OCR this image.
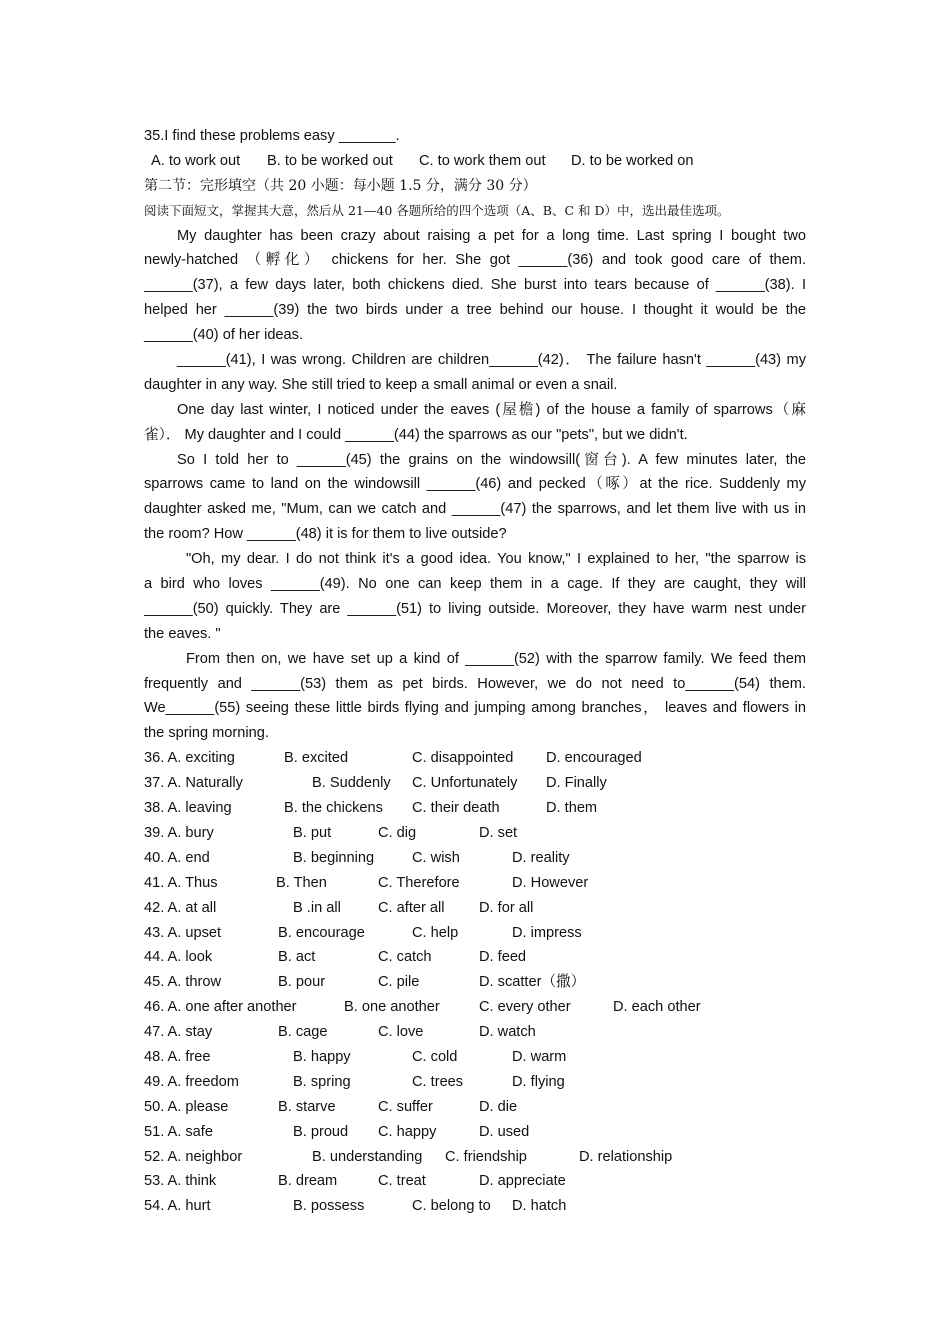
35.I find these problems easy _______.
A. to work out B. to be worked out C. to work them out D. to be worked on
第二节：完形填空（共 20 小题：每小题 1.5 分，满分 30 分）
阅读下面短文，掌握其大意，然后从 21—40 各题所给的四个选项（A、B、C 和 D）中，选出最佳选项。
My daughter has been crazy about raising a pet for a long time. Last spring I bought two
newly-hatched （孵化） chickens for her. She got ______(36) and took good care of them.
______(37), a few days later, both chickens died. She burst into tears because of ______(38). I
helped her ______(39) the two birds under a tree behind our house. I thought it would be the
______(40) of her ideas.
______(41), I was wrong. Children are children______(42)． The failure hasn't ______(43) my
daughter in any way. She still tried to keep a small animal or even a snail.
One day last winter, I noticed under the eaves (屋檐) of the house a family of sparrows（麻
雀）． My daughter and I could ______(44) the sparrows as our "pets", but we didn't.
So I told her to ______(45) the grains on the windowsill(窗台). A few minutes later, the
sparrows came to land on the windowsill ______(46) and pecked（啄）at the rice. Suddenly my
daughter asked me, "Mum, can we catch and ______(47) the sparrows, and let them live with us in
the room? How ______(48) it is for them to live outside?
"Oh, my dear. I do not think it's a good idea. You know," I explained to her, "the sparrow is
a bird who loves ______(49). No one can keep them in a cage. If they are caught, they will
______(50) quickly. They are ______(51) to living outside. Moreover, they have warm nest under
the eaves. "
From then on, we have set up a kind of ______(52) with the sparrow family. We feed them
frequently and ______(53) them as pet birds. However, we do not need to______(54) them.
We______(55) seeing these little birds flying and jumping among branches， leaves and flowers in
the spring morning.
36. A. exciting	B. excited	C. disappointed D. encouraged
37. A. Naturally	B. Suddenly C. Unfortunately D. Finally
38. A. leaving	B. the chickens C. their death	D. them
39. A. bury	B. put	C. dig	D. set
40. A. end	B. beginning	C. wish	D. reality
41. A. Thus	B. Then	C. Therefore	D. However
42. A. at all	B .in all	C. after all D. for all
43. A. upset	B. encourage	C. help	D. impress
44. A. look	B. act	C. catch	D. feed
45. A. throw	B. pour	C. pile	D. scatter（撒）
46. A. one after another	B. one another	C. every other	D. each other
47. A. stay	B. cage	C. love	D. watch
48. A. free	B. happy	C. cold	D. warm
49. A. freedom	B. spring	C. trees	D. flying
50. A. please	B. starve	C. suffer	D. die
51. A. safe	B. proud C. happy	D. used
52. A. neighbor	B. understanding C. friendship	D. relationship
53. A. think	B. dream	C. treat	D. appreciate
54. A. hurt	B. possess	C. belong to D. hatch
